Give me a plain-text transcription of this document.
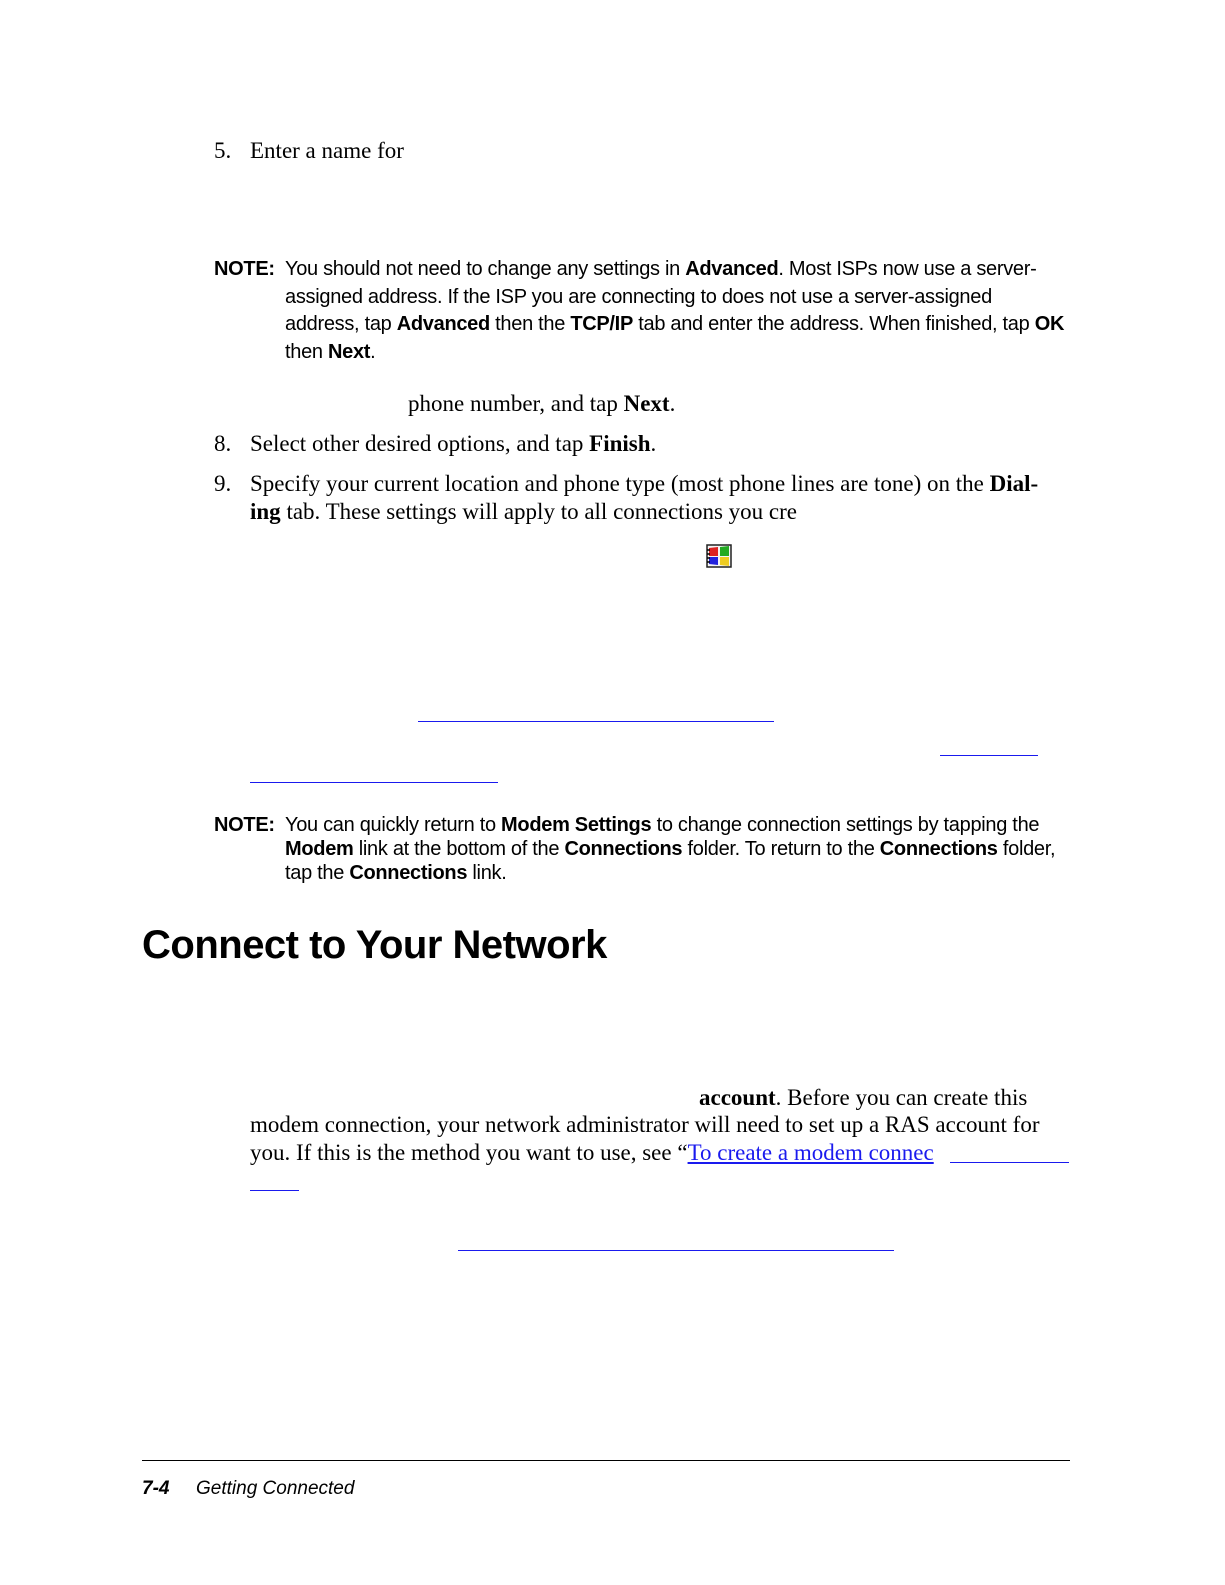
5. Enter a name for
NOTE: You should not need to change any settings in Advanced. Most ISPs now use a server-
assigned address. If the ISP you are connecting to does not use a server-assigned
address, tap Advanced then the TCP/IP tab and enter the address. When finished, tap OK
then Next.
phone number, and tap Next.
8. Select other desired options, and tap Finish.
9. Specify your current location and phone type (most phone lines are tone) on the Dial-
ing tab. These settings will apply to all connections you cre
NOTE: You can quickly return to Modem Settings to change connection settings by tapping the
Modem link at the bottom of the Connections folder. To return to the Connections folder,
tap the Connections link.
Connect to Your Network
account. Before you can create this
modem connection, your network administrator will need to set up a RAS account for
you. If this is the method you want to use, see “To create a modem connec
7-4 Getting Connected
